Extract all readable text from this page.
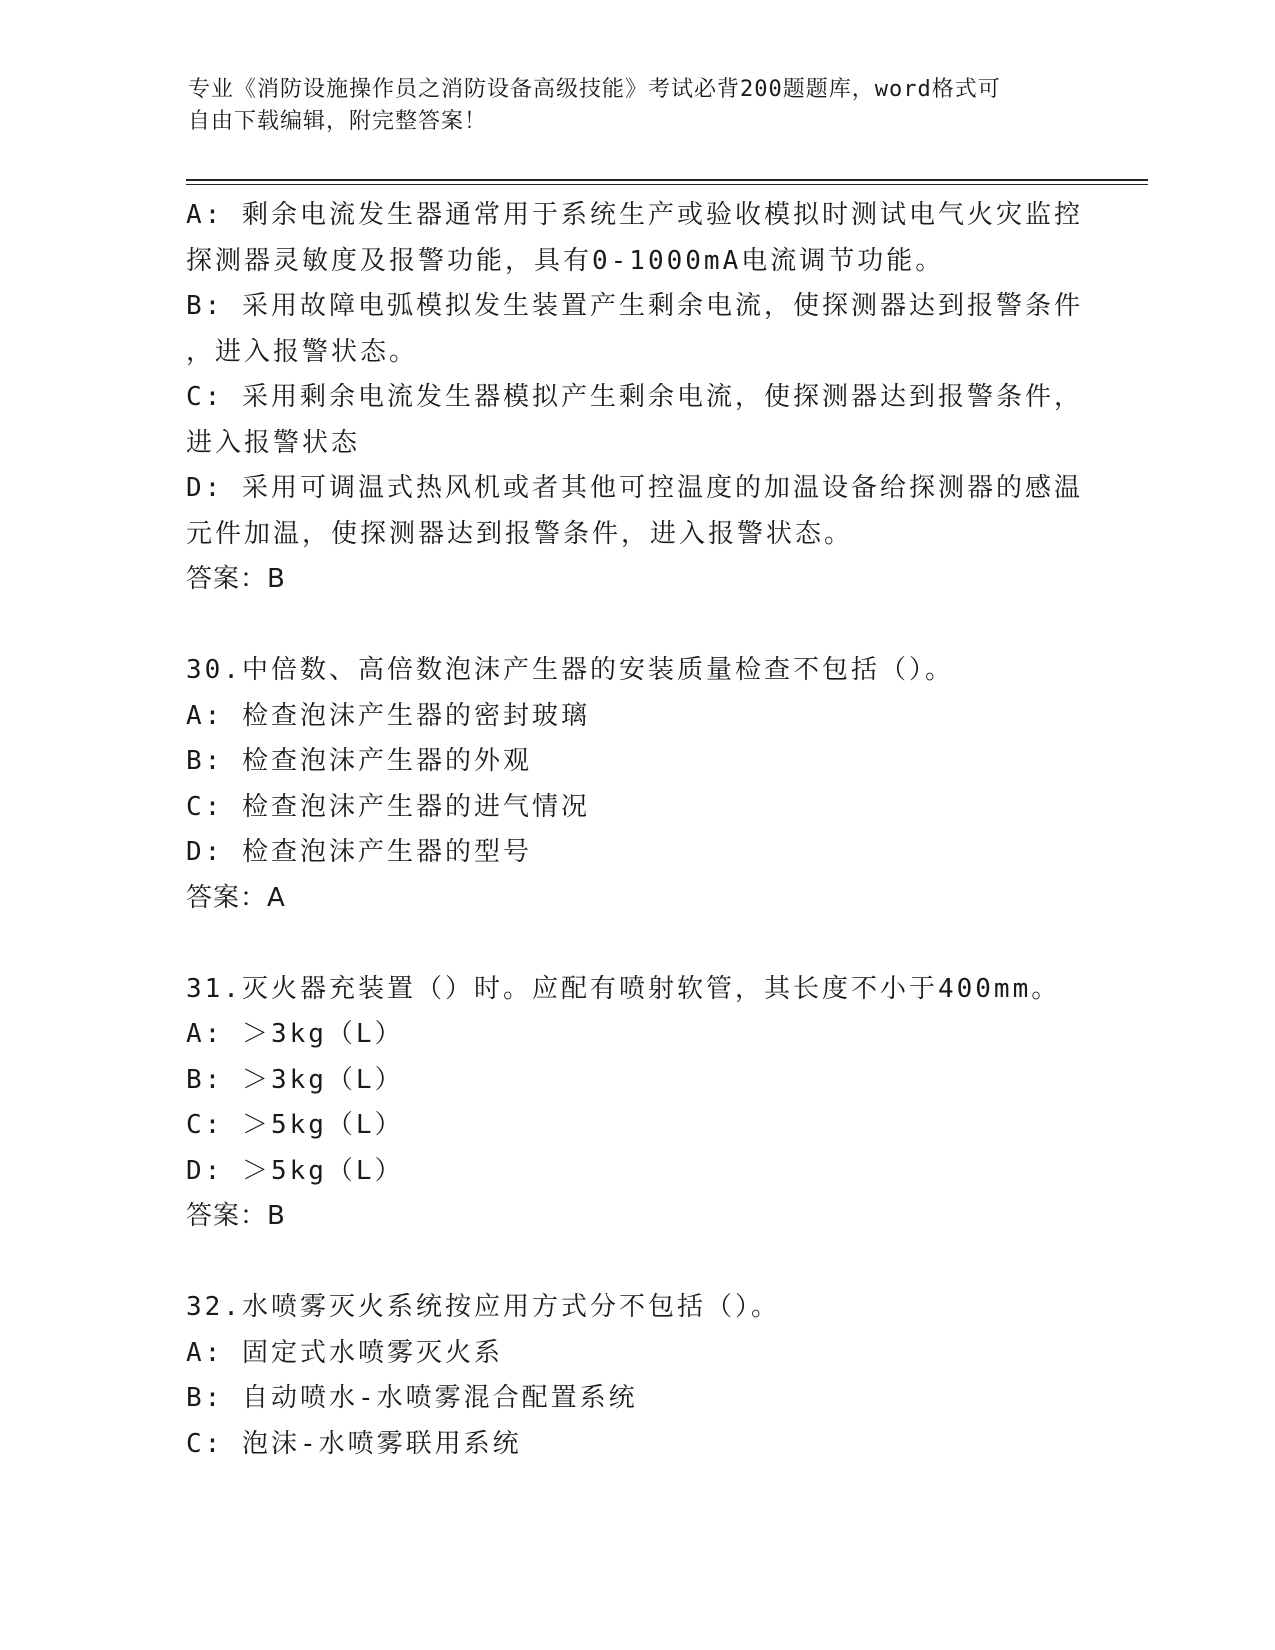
专业《消防设施操作员之消防设备高级技能》考试必背200题题库，word格式可
自由下载编辑，附完整答案！
A: 剩余电流发生器通常用于系统生产或验收模拟时测试电气火灾监控
探测器灵敏度及报警功能，具有0-1000mA电流调节功能。
B: 采用故障电弧模拟发生装置产生剩余电流，使探测器达到报警条件
，进入报警状态。
C: 采用剩余电流发生器模拟产生剩余电流，使探测器达到报警条件，
进入报警状态
D: 采用可调温式热风机或者其他可控温度的加温设备给探测器的感温
元件加温，使探测器达到报警条件，进入报警状态。
答案：B
30.中倍数、高倍数泡沫产生器的安装质量检查不包括（）。
A: 检查泡沫产生器的密封玻璃
B: 检查泡沫产生器的外观
C: 检查泡沫产生器的进气情况
D: 检查泡沫产生器的型号
答案：A
31.灭火器充装置（）时。应配有喷射软管，其长度不小于400mm。
A: ＞3kg（L）
B: ＞3kg（L）
C: ＞5kg（L）
D: ＞5kg（L）
答案：B
32.水喷雾灭火系统按应用方式分不包括（）。
A: 固定式水喷雾灭火系
B: 自动喷水-水喷雾混合配置系统
C: 泡沫-水喷雾联用系统
